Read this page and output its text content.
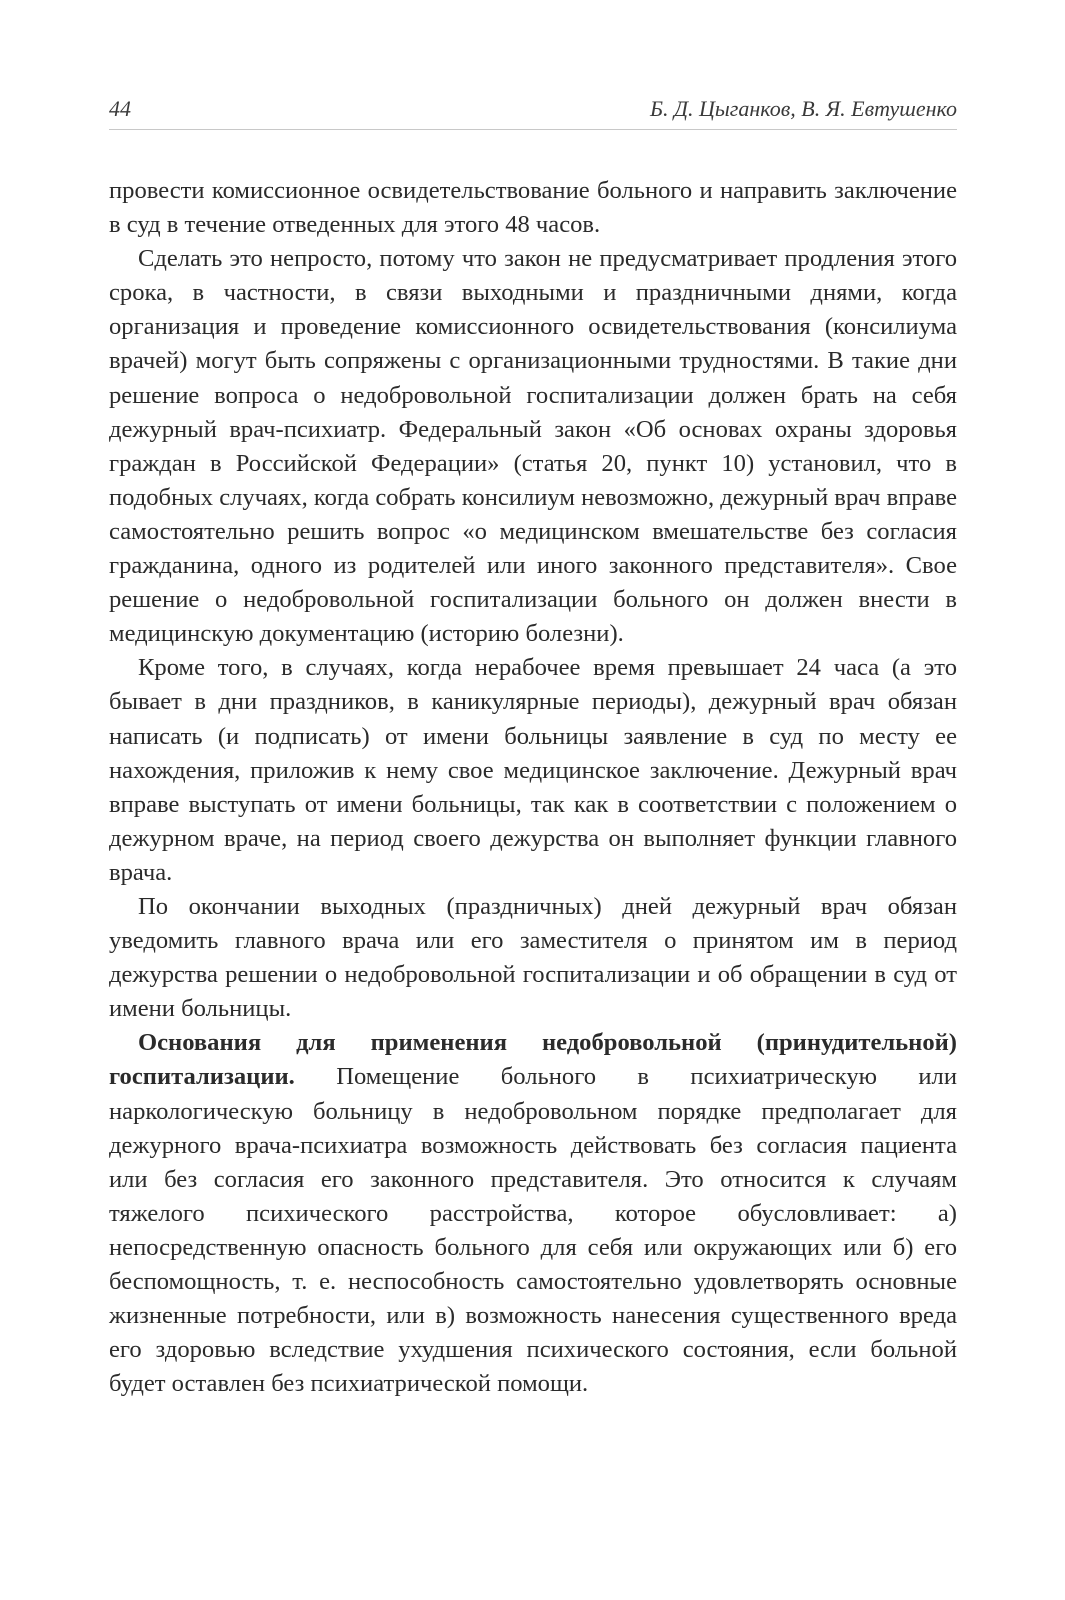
44	Б. Д. Цыганков, В. Я. Евтушенко

провести комиссионное освидетельствование больного и направить заключение в суд в течение отведенных для этого 48 часов.

Сделать это непросто, потому что закон не предусматривает продления этого срока, в частности, в связи выходными и праздничными днями, когда организация и проведение комиссионного освидетельствования (консилиума врачей) могут быть сопряжены с организационными трудностями. В такие дни решение вопроса о недобровольной госпитализации должен брать на себя дежурный врач-психиатр. Федеральный закон «Об основах охраны здоровья граждан в Российской Федерации» (статья 20, пункт 10) установил, что в подобных случаях, когда собрать консилиум невозможно, дежурный врач вправе самостоятельно решить вопрос «о медицинском вмешательстве без согласия гражданина, одного из родителей или иного законного представителя». Свое решение о недобровольной госпитализации больного он должен внести в медицинскую документацию (историю болезни).

Кроме того, в случаях, когда нерабочее время превышает 24 часа (а это бывает в дни праздников, в каникулярные периоды), дежурный врач обязан написать (и подписать) от имени больницы заявление в суд по месту ее нахождения, приложив к нему свое медицинское заключение. Дежурный врач вправе выступать от имени больницы, так как в соответствии с положением о дежурном враче, на период своего дежурства он выполняет функции главного врача.

По окончании выходных (праздничных) дней дежурный врач обязан уведомить главного врача или его заместителя о принятом им в период дежурства решении о недобровольной госпитализации и об обращении в суд от имени больницы.

Основания для применения недобровольной (принудительной) госпитализации. Помещение больного в психиатрическую или наркологическую больницу в недобровольном порядке предполагает для дежурного врача-психиатра возможность действовать без согласия пациента или без согласия его законного представителя. Это относится к случаям тяжелого психического расстройства, которое обусловливает: а) непосредственную опасность больного для себя или окружающих или б) его беспомощность, т. е. неспособность самостоятельно удовлетворять основные жизненные потребности, или в) возможность нанесения существенного вреда его здоровью вследствие ухудшения психического состояния, если больной будет оставлен без психиатрической помощи.
